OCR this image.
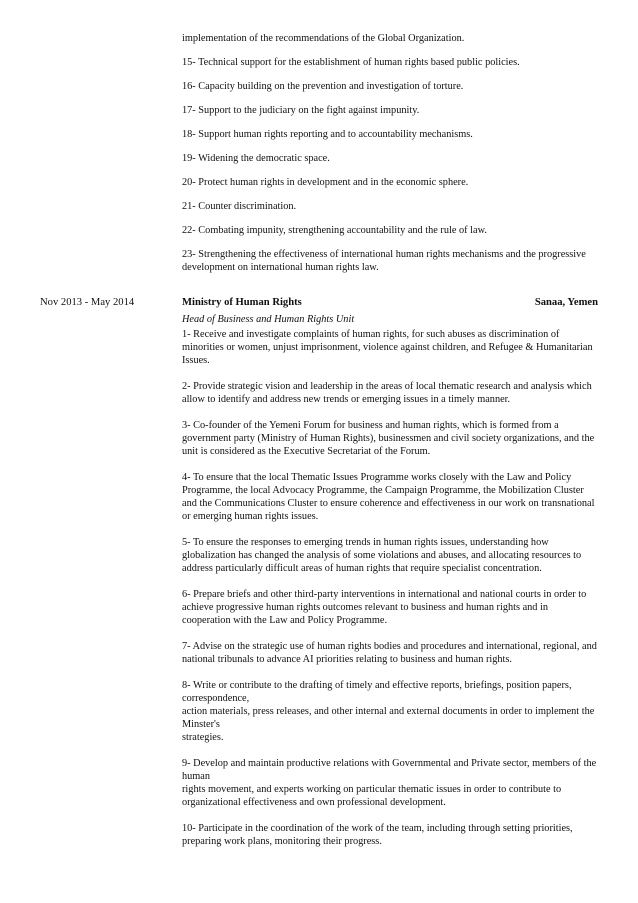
implementation of the recommendations of the Global Organization.

15- Technical support for the establishment of human rights based public policies.

16- Capacity building on the prevention and investigation of torture.

17- Support to the judiciary on the fight against impunity.

18- Support human rights reporting and to accountability mechanisms.

19- Widening the democratic space.

20- Protect human rights in development and in the economic sphere.

21- Counter discrimination.

22- Combating impunity, strengthening accountability and the rule of law.

23- Strengthening the effectiveness of international human rights mechanisms and the progressive development on international human rights law.

Nov 2013 - May 2014	Ministry of Human Rights	Sanaa, Yemen
Head of Business and Human Rights Unit

1- Receive and investigate complaints of human rights, for such abuses as discrimination of minorities or women, unjust imprisonment, violence against children, and Refugee & Humanitarian Issues.

2- Provide strategic vision and leadership in the areas of local thematic research and analysis which allow to identify and address new trends or emerging issues in a timely manner.

3- Co-founder of the Yemeni Forum for business and human rights, which is formed from a government party (Ministry of Human Rights), businessmen and civil society organizations, and the unit is considered as the Executive Secretariat of the Forum.

4- To ensure that the local Thematic Issues Programme works closely with the Law and Policy Programme, the local Advocacy Programme, the Campaign Programme, the Mobilization Cluster and the Communications Cluster to ensure coherence and effectiveness in our work on transnational or emerging human rights issues.

5- To ensure the responses to emerging trends in human rights issues, understanding how globalization has changed the analysis of some violations and abuses, and allocating resources to address particularly difficult areas of human rights that require specialist concentration.

6- Prepare briefs and other third-party interventions in international and national courts in order to achieve progressive human rights outcomes relevant to business and human rights and in cooperation with the Law and Policy Programme.

7- Advise on the strategic use of human rights bodies and procedures and international, regional, and national tribunals to advance AI priorities relating to business and human rights.

8- Write or contribute to the drafting of timely and effective reports, briefings, position papers, correspondence,
action materials, press releases, and other internal and external documents in order to implement the Minster's
strategies.

9- Develop and maintain productive relations with Governmental and Private sector, members of the human
rights movement, and experts working on particular thematic issues in order to contribute to organizational effectiveness and own professional development.

10- Participate in the coordination of the work of the team, including through setting priorities, preparing work plans, monitoring their progress.
